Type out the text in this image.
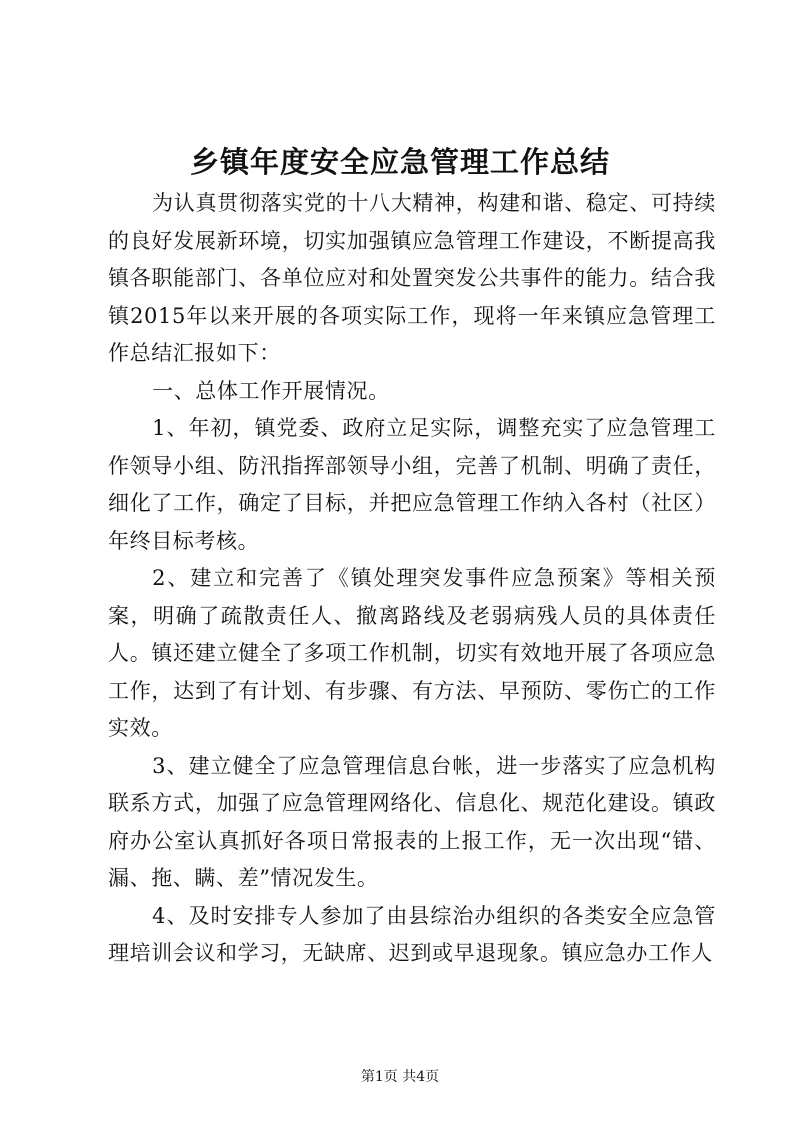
乡镇年度安全应急管理工作总结

为认真贯彻落实党的十八大精神，构建和谐、稳定、可持续的良好发展新环境，切实加强镇应急管理工作建设，不断提高我镇各职能部门、各单位应对和处置突发公共事件的能力。结合我镇2015年以来开展的各项实际工作，现将一年来镇应急管理工作总结汇报如下：

一、总体工作开展情况。

1、年初，镇党委、政府立足实际，调整充实了应急管理工作领导小组、防汛指挥部领导小组，完善了机制、明确了责任，细化了工作，确定了目标，并把应急管理工作纳入各村（社区）年终目标考核。

2、建立和完善了《镇处理突发事件应急预案》等相关预案，明确了疏散责任人、撤离路线及老弱病残人员的具体责任人。镇还建立健全了多项工作机制，切实有效地开展了各项应急工作，达到了有计划、有步骤、有方法、早预防、零伤亡的工作实效。

3、建立健全了应急管理信息台帐，进一步落实了应急机构联系方式，加强了应急管理网络化、信息化、规范化建设。镇政府办公室认真抓好各项日常报表的上报工作，无一次出现“错、漏、拖、瞒、差”情况发生。

4、及时安排专人参加了由县综治办组织的各类安全应急管理培训会议和学习，无缺席、迟到或早退现象。镇应急办工作人

第1页 共4页
